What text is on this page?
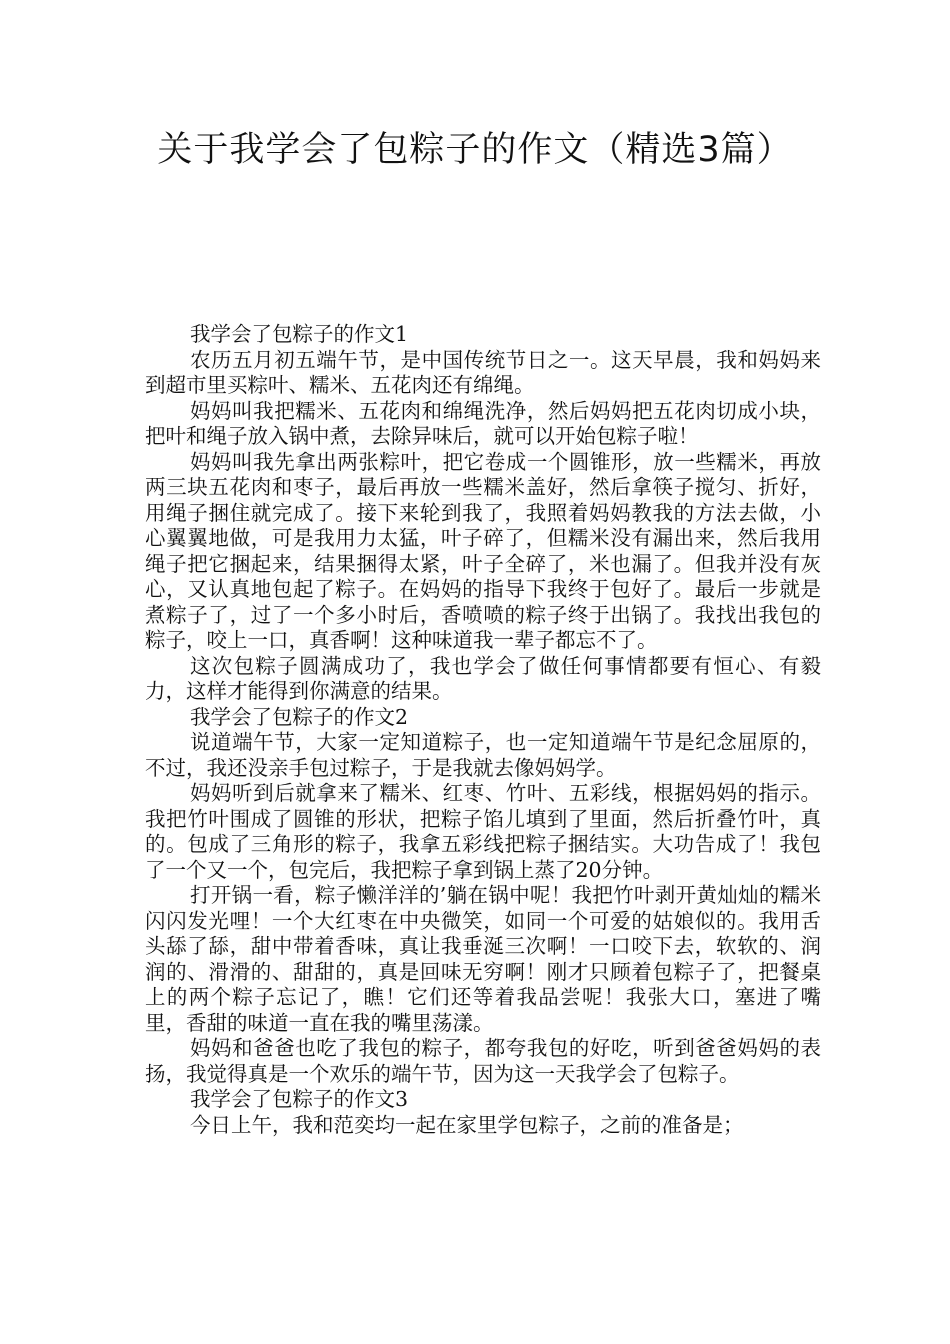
关于我学会了包粽子的作文（精选3篇）

我学会了包粽子的作文1

农历五月初五端午节，是中国传统节日之一。这天早晨，我和妈妈来到超市里买粽叶、糯米、五花肉还有绵绳。

妈妈叫我把糯米、五花肉和绵绳洗净，然后妈妈把五花肉切成小块，把叶和绳子放入锅中煮，去除异味后，就可以开始包粽子啦！

妈妈叫我先拿出两张粽叶，把它卷成一个圆锥形，放一些糯米，再放两三块五花肉和枣子，最后再放一些糯米盖好，然后拿筷子搅匀、折好，用绳子捆住就完成了。接下来轮到我了，我照着妈妈教我的方法去做，小心翼翼地做，可是我用力太猛，叶子碎了，但糯米没有漏出来，然后我用绳子把它捆起来，结果捆得太紧，叶子全碎了，米也漏了。但我并没有灰心，又认真地包起了粽子。在妈妈的指导下我终于包好了。最后一步就是煮粽子了，过了一个多小时后，香喷喷的粽子终于出锅了。我找出我包的粽子，咬上一口，真香啊！这种味道我一辈子都忘不了。

这次包粽子圆满成功了，我也学会了做任何事情都要有恒心、有毅力，这样才能得到你满意的结果。

我学会了包粽子的作文2

说道端午节，大家一定知道粽子，也一定知道端午节是纪念屈原的，不过，我还没亲手包过粽子，于是我就去像妈妈学。

妈妈听到后就拿来了糯米、红枣、竹叶、五彩线，根据妈妈的指示。我把竹叶围成了圆锥的形状，把粽子馅儿填到了里面，然后折叠竹叶，真的。包成了三角形的粽子，我拿五彩线把粽子捆结实。大功告成了！我包了一个又一个，包完后，我把粽子拿到锅上蒸了20分钟。

打开锅一看，粽子懒洋洋的’躺在锅中呢！我把竹叶剥开黄灿灿的糯米闪闪发光哩！一个大红枣在中央微笑，如同一个可爱的姑娘似的。我用舌头舔了舔，甜中带着香味，真让我垂涎三次啊！一口咬下去，软软的、润润的、滑滑的、甜甜的，真是回味无穷啊！刚才只顾着包粽子了，把餐桌上的两个粽子忘记了，瞧！它们还等着我品尝呢！我张大口，塞进了嘴里，香甜的味道一直在我的嘴里荡漾。

妈妈和爸爸也吃了我包的粽子，都夸我包的好吃，听到爸爸妈妈的表扬，我觉得真是一个欢乐的端午节，因为这一天我学会了包粽子。

我学会了包粽子的作文3

今日上午，我和范奕均一起在家里学包粽子，之前的准备是；
